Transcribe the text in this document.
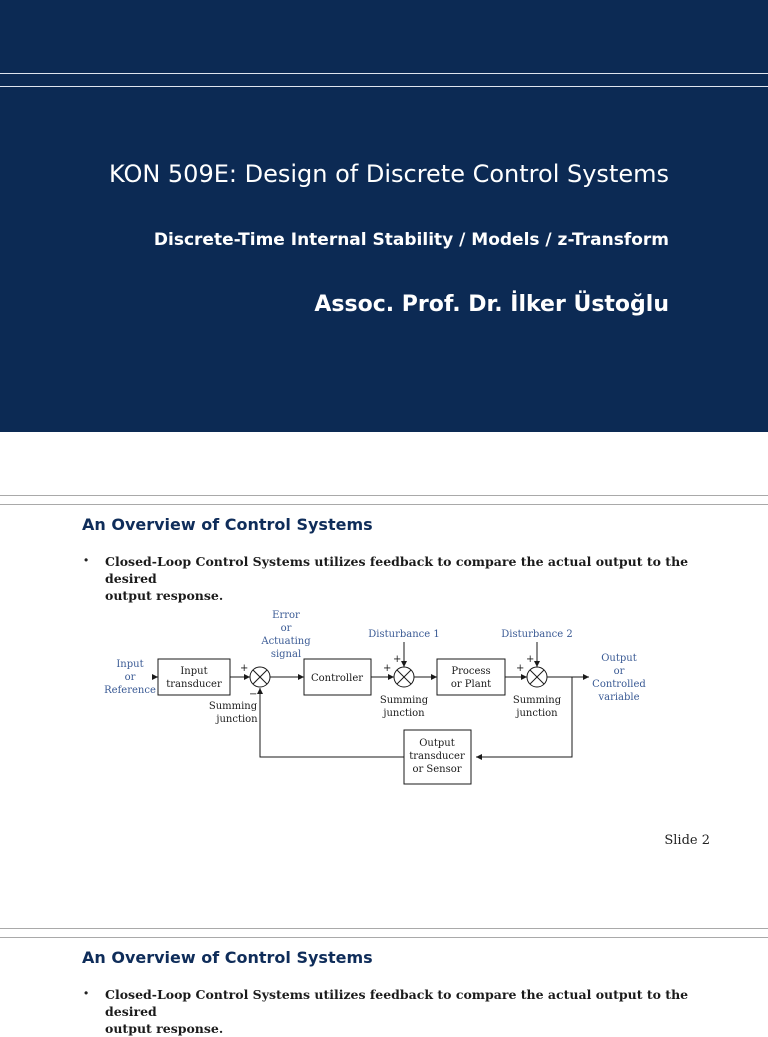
KON 509E: Design of Discrete Control Systems
Discrete-Time Internal Stability / Models / z-Transform
Assoc. Prof. Dr. İlker Üstoğlu
An Overview of Control Systems
• Closed-Loop Control Systems utilizes feedback to compare the actual output to the desired
output response.
Input
or
Reference
Input
transducer
+
−
Summing
junction
Error
or
Actuating
signal
Controller
Disturbance 1
+
+
Summing
junction
Process
or Plant
Disturbance 2
+
+
Summing
junction
Output
or
Controlled
variable
Output
transducer
or Sensor
Slide 2
An Overview of Control Systems
• Closed-Loop Control Systems utilizes feedback to compare the actual output to the desired
output response.
